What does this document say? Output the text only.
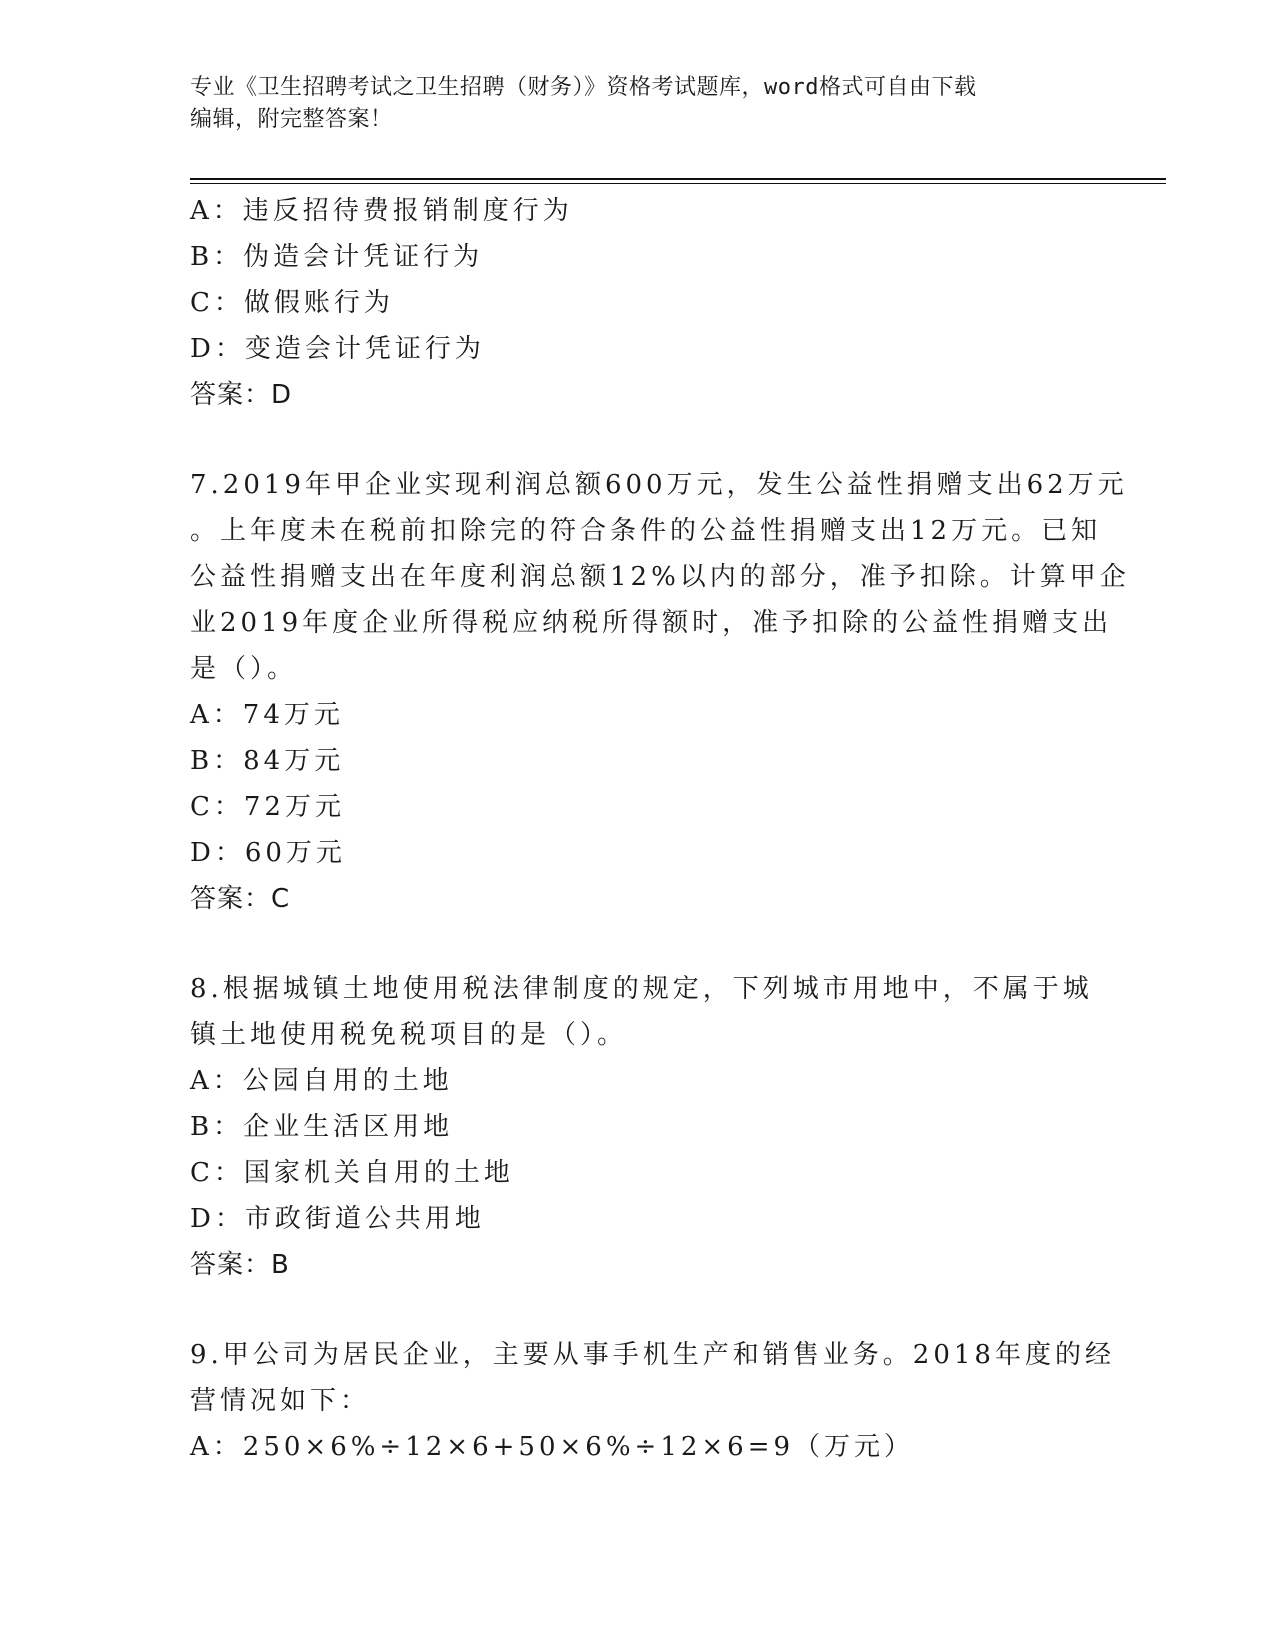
专业《卫生招聘考试之卫生招聘（财务）》资格考试题库，word格式可自由下载
编辑，附完整答案！
A：违反招待费报销制度行为
B：伪造会计凭证行为
C：做假账行为
D：变造会计凭证行为
答案：D
7.2019年甲企业实现利润总额600万元，发生公益性捐赠支出62万元
。上年度未在税前扣除完的符合条件的公益性捐赠支出12万元。已知
公益性捐赠支出在年度利润总额12%以内的部分，准予扣除。计算甲企
业2019年度企业所得税应纳税所得额时，准予扣除的公益性捐赠支出
是（）。
A：74万元
B：84万元
C：72万元
D：60万元
答案：C
8.根据城镇土地使用税法律制度的规定，下列城市用地中，不属于城
镇土地使用税免税项目的是（）。
A：公园自用的土地
B：企业生活区用地
C：国家机关自用的土地
D：市政街道公共用地
答案：B
9.甲公司为居民企业，主要从事手机生产和销售业务。2018年度的经
营情况如下：
A：250×6%÷12×6+50×6%÷12×6=9（万元）
